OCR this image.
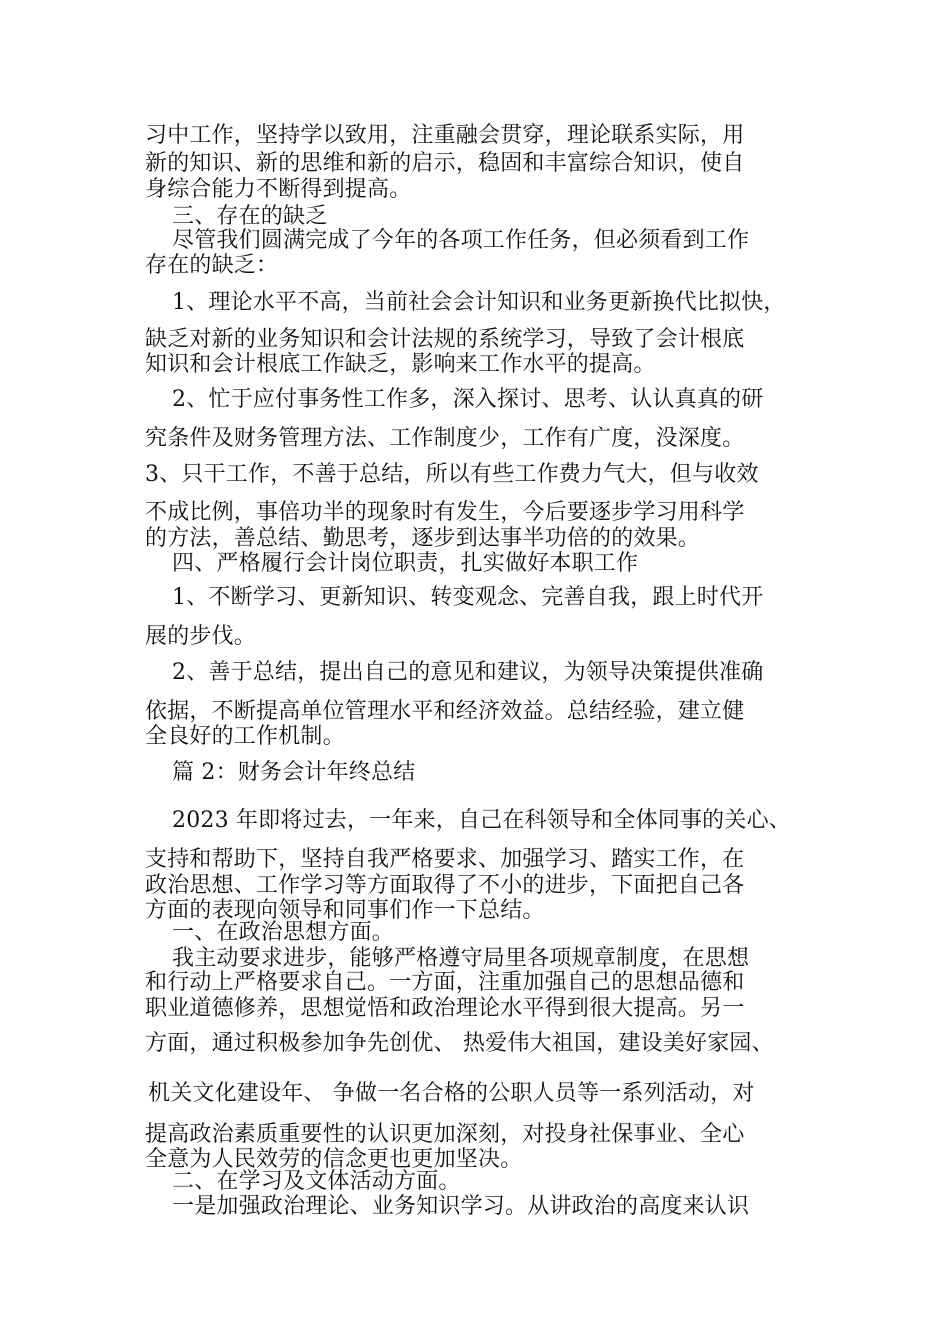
习中工作，坚持学以致用，注重融会贯穿，理论联系实际，用
新的知识、新的思维和新的启示，稳固和丰富综合知识，使自
身综合能力不断得到提高。
三、存在的缺乏
尽管我们圆满完成了今年的各项工作任务，但必须看到工作
存在的缺乏：
1、理论水平不高，当前社会会计知识和业务更新换代比拟快，
缺乏对新的业务知识和会计法规的系统学习，导致了会计根底
知识和会计根底工作缺乏，影响来工作水平的提高。
2、忙于应付事务性工作多，深入探讨、思考、认认真真的研
究条件及财务管理方法、工作制度少，工作有广度，没深度。
3、只干工作，不善于总结，所以有些工作费力气大，但与收效
不成比例，事倍功半的现象时有发生，今后要逐步学习用科学
的方法，善总结、勤思考，逐步到达事半功倍的的效果。
四、严格履行会计岗位职责，扎实做好本职工作
1、不断学习、更新知识、转变观念、完善自我，跟上时代开
展的步伐。
2、善于总结，提出自己的意见和建议，为领导决策提供准确
依据，不断提高单位管理水平和经济效益。总结经验，建立健
全良好的工作机制。
篇 2：财务会计年终总结
2023 年即将过去，一年来，自己在科领导和全体同事的关心、
支持和帮助下，坚持自我严格要求、加强学习、踏实工作，在
政治思想、工作学习等方面取得了不小的进步，下面把自己各
方面的表现向领导和同事们作一下总结。
一、在政治思想方面。
我主动要求进步，能够严格遵守局里各项规章制度，在思想
和行动上严格要求自己。一方面，注重加强自己的思想品德和
职业道德修养，思想觉悟和政治理论水平得到很大提高。另一
方面，通过积极参加争先创优、 热爱伟大祖国，建设美好家园、
机关文化建设年、 争做一名合格的公职人员等一系列活动，对
提高政治素质重要性的认识更加深刻，对投身社保事业、全心
全意为人民效劳的信念更也更加坚决。
二、在学习及文体活动方面。
一是加强政治理论、业务知识学习。从讲政治的高度来认识
